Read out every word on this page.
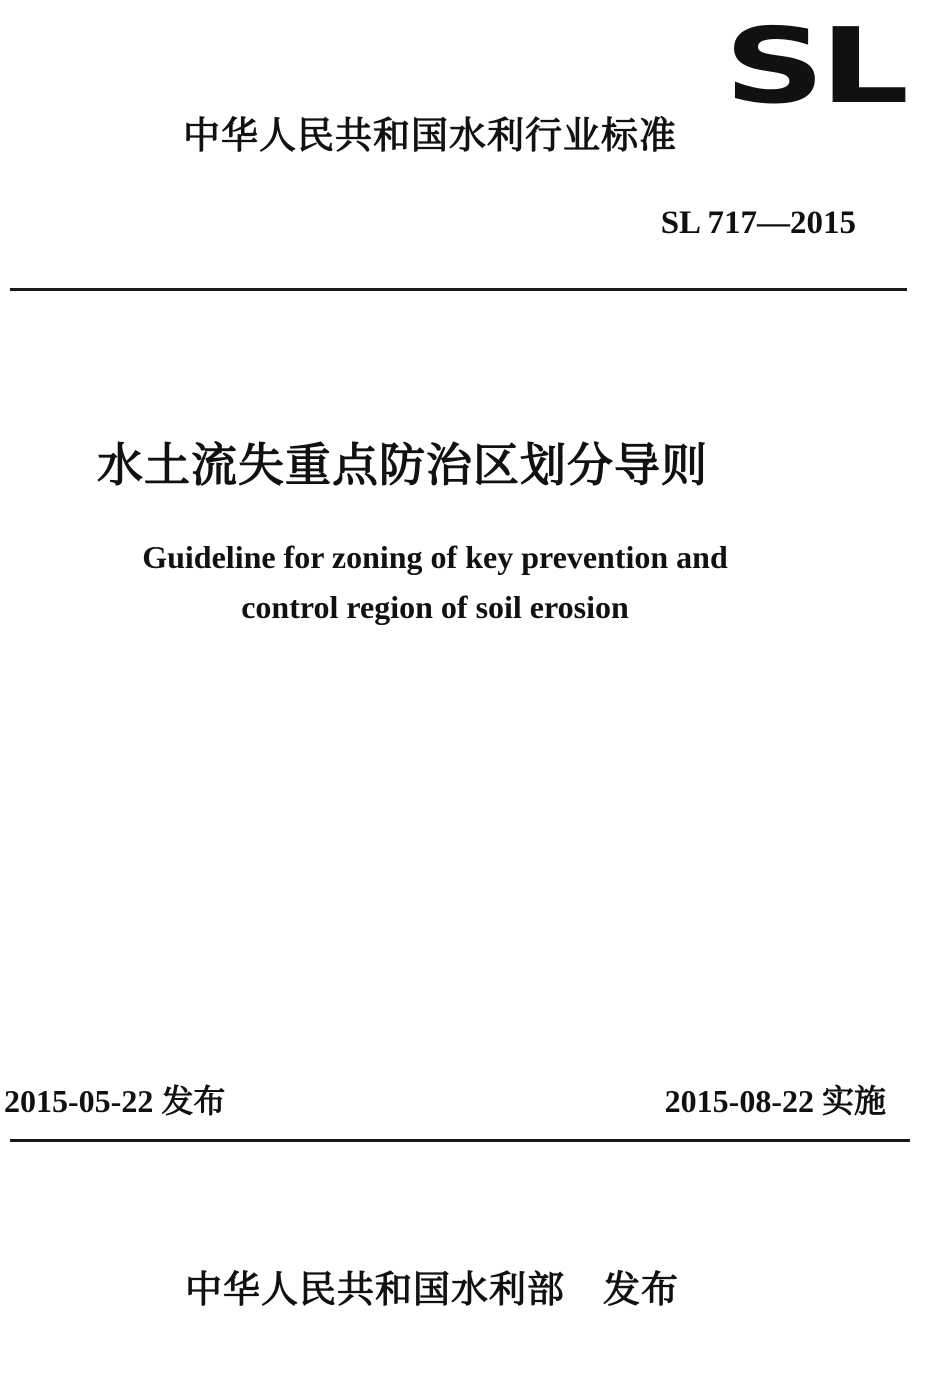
SL
中华人民共和国水利行业标准
SL 717—2015
水土流失重点防治区划分导则
Guideline for zoning of key prevention and
control region of soil erosion
2015-05-22 发布	2015-08-22 实施
中华人民共和国水利部　发布
